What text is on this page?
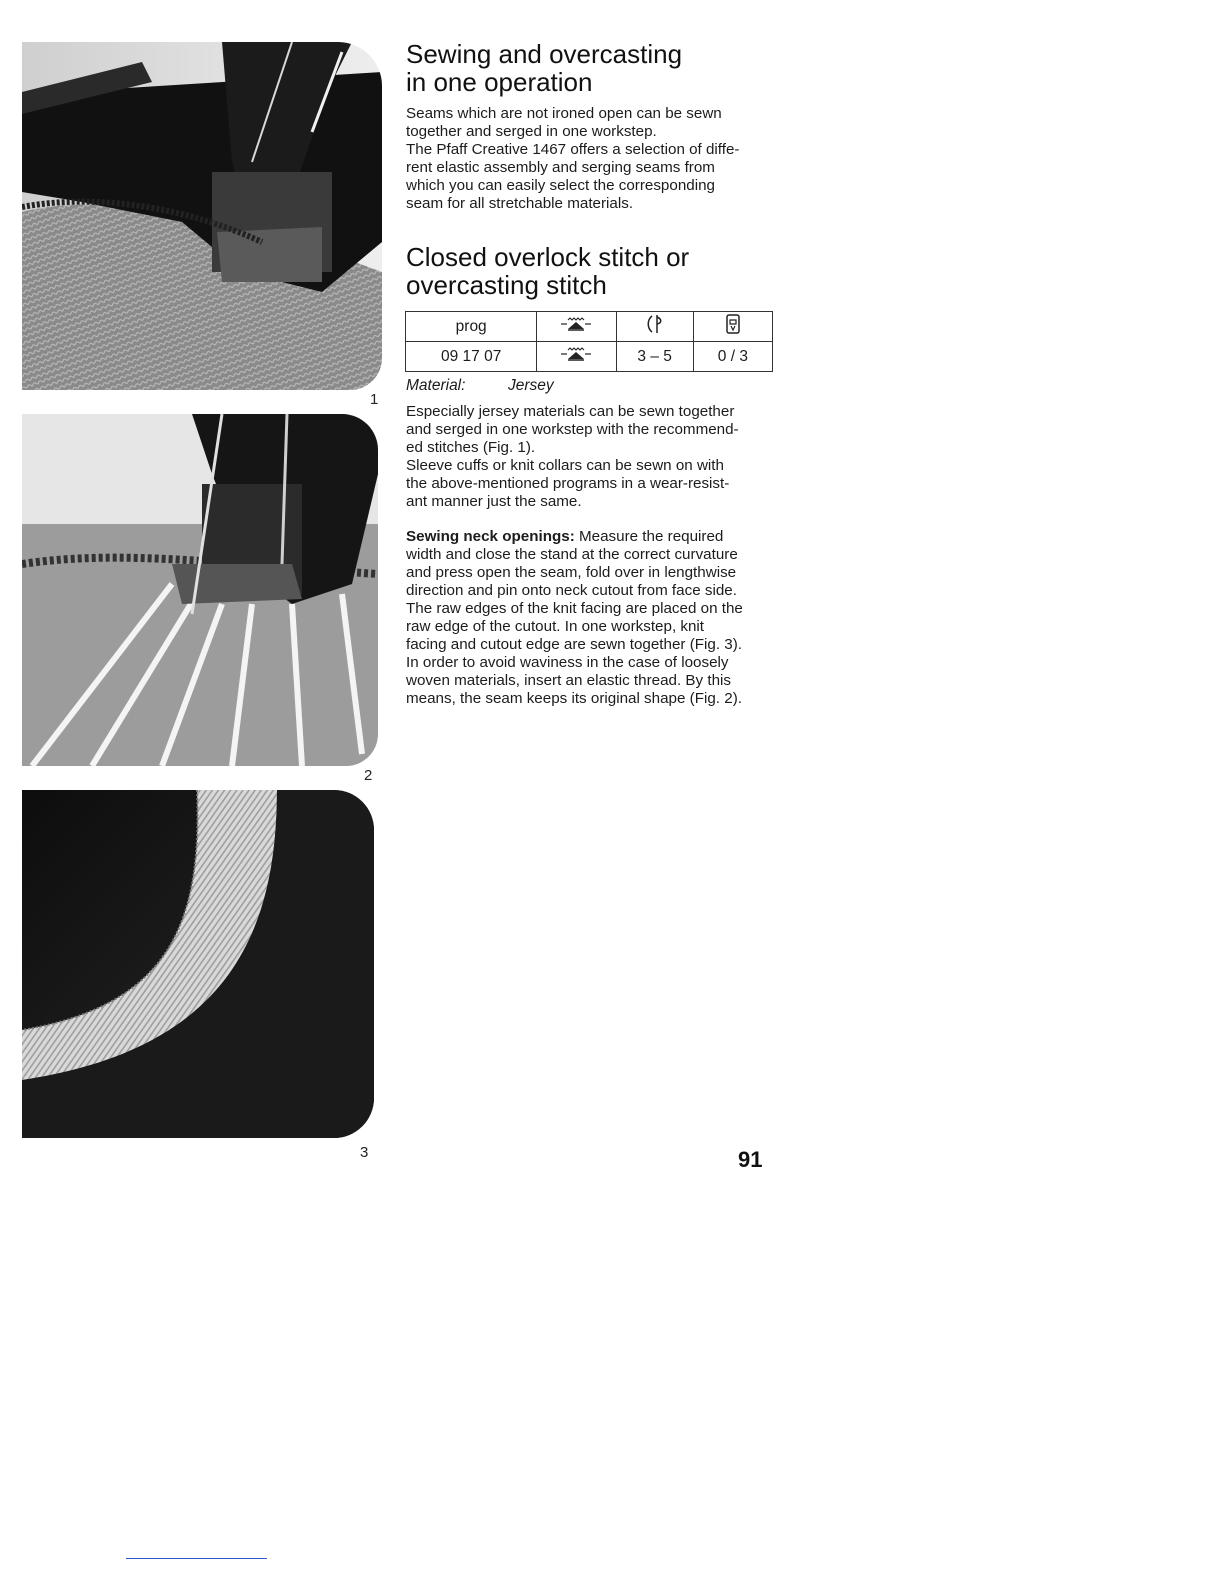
1
2
3
Sewing and overcasting
in one operation

Seams which are not ironed open can be sewn
together and serged in one workstep.
The Pfaff Creative 1467 offers a selection of diffe-
rent elastic assembly and serging seams from
which you can easily select the corresponding
seam for all stretchable materials.

Closed overlock stitch or
overcasting stitch
prog			
09 17 07		3 – 5	0 / 3

Material:	Jersey

Especially jersey materials can be sewn together
and serged in one workstep with the recommend-
ed stitches (Fig. 1).
Sleeve cuffs or knit collars can be sewn on with
the above-mentioned programs in a wear-resist-
ant manner just the same.

Sewing neck openings: Measure the required
width and close the stand at the correct curvature
and press open the seam, fold over in lengthwise
direction and pin onto neck cutout from face side.
The raw edges of the knit facing are placed on the
raw edge of the cutout. In one workstep, knit
facing and cutout edge are sewn together (Fig. 3).
In order to avoid waviness in the case of loosely
woven materials, insert an elastic thread. By this
means, the seam keeps its original shape (Fig. 2).

91
